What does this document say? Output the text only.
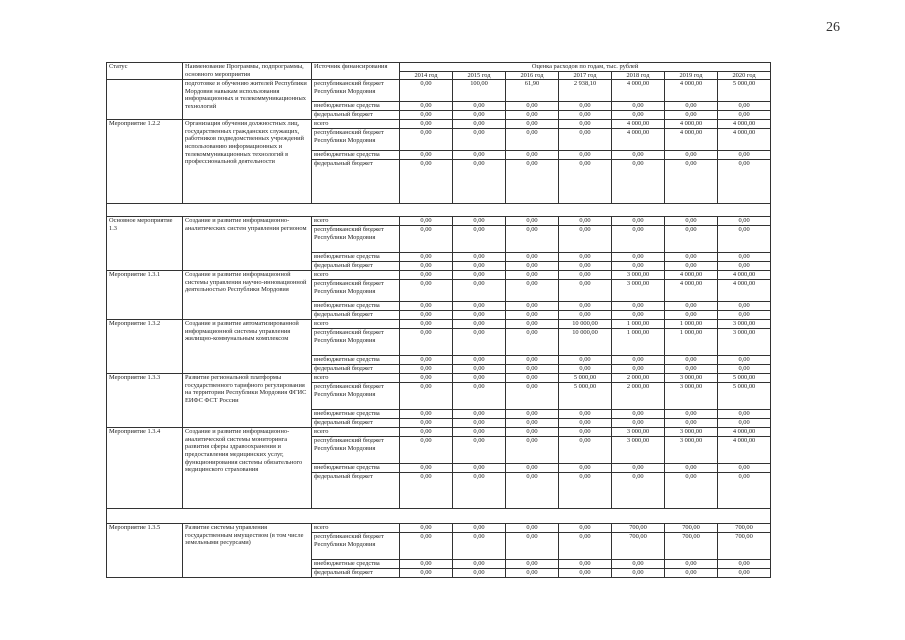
26
Статус	Наименование Программы, подпрограммы, основного мероприятия	Источник финансирования	Оценка расходов по годам, тыс. рублей						
			2014 год	2015 год	2016 год	2017 год	2018 год	2019 год	2020 год
	подготовке и обучению жителей Республики Мордовия навыкам использования информационных и телекоммуникационных технологий	республиканский бюджет Республики Мордовия	0,00	100,00	61,90	2 938,10	4 000,00	4 000,00	5 000,00
		внебюджетные средства	0,00	0,00	0,00	0,00	0,00	0,00	0,00
		федеральный бюджет	0,00	0,00	0,00	0,00	0,00	0,00	0,00
Мероприятие 1.2.2	Организация обучения должностных лиц, государственных гражданских служащих, работников подведомственных учреждений использованию информационных и телекоммуникационных технологий в профессиональной деятельности	всего	0,00	0,00	0,00	0,00	4 000,00	4 000,00	4 000,00
		республиканский бюджет Республики Мордовия	0,00	0,00	0,00	0,00	4 000,00	4 000,00	4 000,00
		внебюджетные средства	0,00	0,00	0,00	0,00	0,00	0,00	0,00
		федеральный бюджет	0,00	0,00	0,00	0,00	0,00	0,00	0,00

Основное мероприятие 1.3	Создание и развитие информационно-аналитических систем управления регионом	всего	0,00	0,00	0,00	0,00	0,00	0,00	0,00
		республиканский бюджет Республики Мордовия	0,00	0,00	0,00	0,00	0,00	0,00	0,00
		внебюджетные средства	0,00	0,00	0,00	0,00	0,00	0,00	0,00
		федеральный бюджет	0,00	0,00	0,00	0,00	0,00	0,00	0,00
Мероприятие 1.3.1	Создание и развитие информационной системы управления научно-инновационной деятельностью Республики Мордовия	всего	0,00	0,00	0,00	0,00	3 000,00	4 000,00	4 000,00
		республиканский бюджет Республики Мордовия	0,00	0,00	0,00	0,00	3 000,00	4 000,00	4 000,00
		внебюджетные средства	0,00	0,00	0,00	0,00	0,00	0,00	0,00
		федеральный бюджет	0,00	0,00	0,00	0,00	0,00	0,00	0,00
Мероприятие 1.3.2	Создание и развитие автоматизированной информационной системы управления жилищно-коммунальным комплексом	всего	0,00	0,00	0,00	10 000,00	1 000,00	1 000,00	3 000,00
		республиканский бюджет Республики Мордовия	0,00	0,00	0,00	10 000,00	1 000,00	1 000,00	3 000,00
		внебюджетные средства	0,00	0,00	0,00	0,00	0,00	0,00	0,00
		федеральный бюджет	0,00	0,00	0,00	0,00	0,00	0,00	0,00
Мероприятие 1.3.3	Развитие региональной платформы государственного тарифного регулирования на территории Республики Мордовия ФГИС ЕИФС ФСТ России	всего	0,00	0,00	0,00	5 000,00	2 000,00	3 000,00	5 000,00
		республиканский бюджет Республики Мордовия	0,00	0,00	0,00	5 000,00	2 000,00	3 000,00	5 000,00
		внебюджетные средства	0,00	0,00	0,00	0,00	0,00	0,00	0,00
		федеральный бюджет	0,00	0,00	0,00	0,00	0,00	0,00	0,00
Мероприятие 1.3.4	Создание и развитие информационно-аналитической системы мониторинга развития сферы здравоохранения и предоставления медицинских услуг, функционирования системы обязательного медицинского страхования	всего	0,00	0,00	0,00	0,00	3 000,00	3 000,00	4 000,00
		республиканский бюджет Республики Мордовия	0,00	0,00	0,00	0,00	3 000,00	3 000,00	4 000,00
		внебюджетные средства	0,00	0,00	0,00	0,00	0,00	0,00	0,00
		федеральный бюджет	0,00	0,00	0,00	0,00	0,00	0,00	0,00

Мероприятие 1.3.5	Развитие системы управления государственным имуществом (в том числе земельными ресурсами)	всего	0,00	0,00	0,00	0,00	700,00	700,00	700,00
		республиканский бюджет Республики Мордовия	0,00	0,00	0,00	0,00	700,00	700,00	700,00
		внебюджетные средства	0,00	0,00	0,00	0,00	0,00	0,00	0,00
		федеральный бюджет	0,00	0,00	0,00	0,00	0,00	0,00	0,00
